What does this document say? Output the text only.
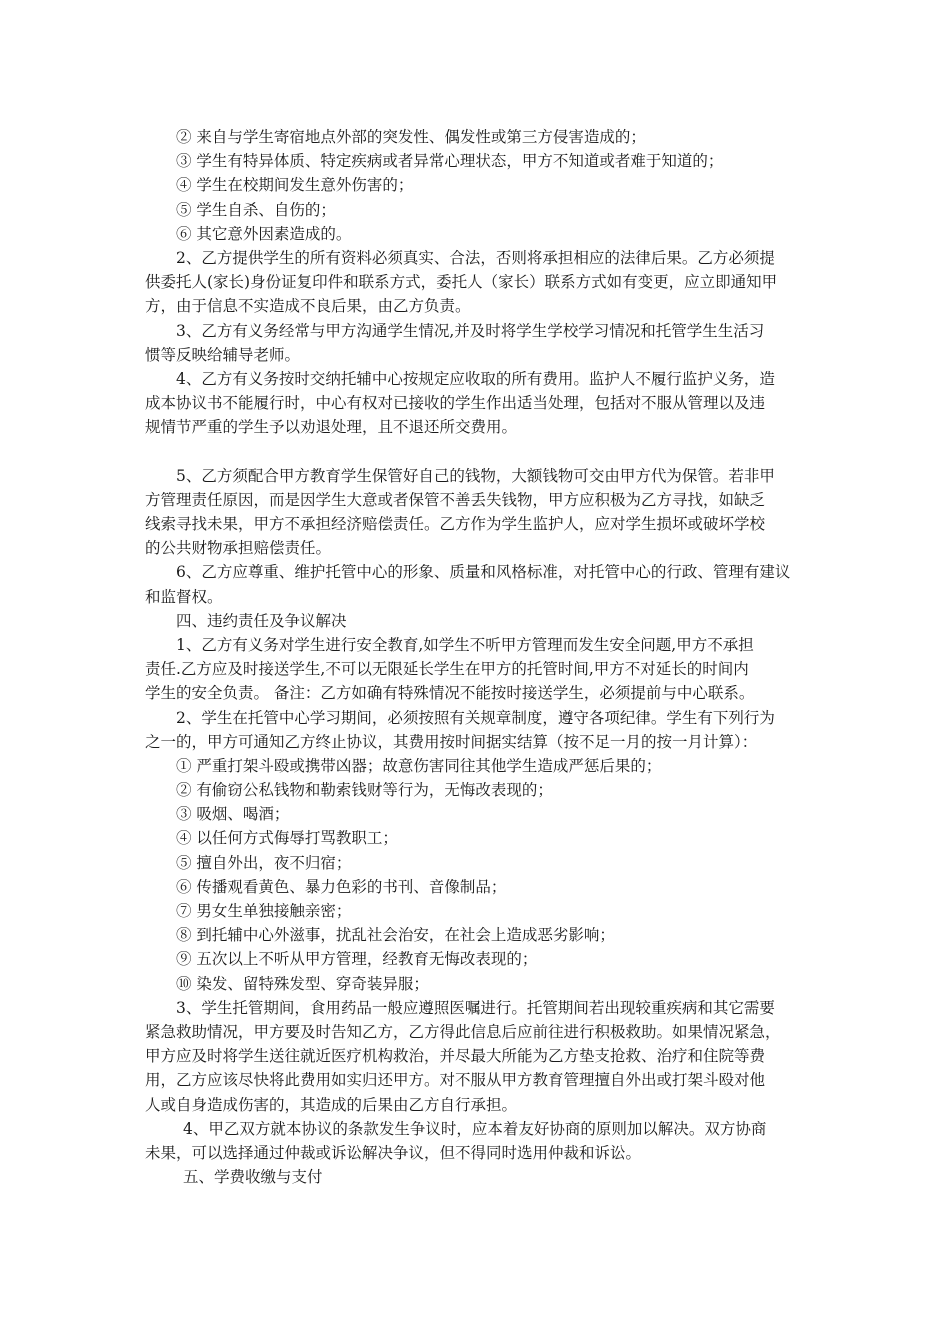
② 来自与学生寄宿地点外部的突发性、偶发性或第三方侵害造成的；
③ 学生有特异体质、特定疾病或者异常心理状态，甲方不知道或者难于知道的；
④ 学生在校期间发生意外伤害的；
⑤ 学生自杀、自伤的；
⑥ 其它意外因素造成的。
2、乙方提供学生的所有资料必须真实、合法，否则将承担相应的法律后果。乙方必须提
供委托人(家长)身份证复印件和联系方式，委托人（家长）联系方式如有变更，应立即通知甲
方，由于信息不实造成不良后果，由乙方负责。
3、乙方有义务经常与甲方沟通学生情况,并及时将学生学校学习情况和托管学生生活习
惯等反映给辅导老师。
4、乙方有义务按时交纳托辅中心按规定应收取的所有费用。监护人不履行监护义务，造
成本协议书不能履行时，中心有权对已接收的学生作出适当处理，包括对不服从管理以及违
规情节严重的学生予以劝退处理，且不退还所交费用。
5、乙方须配合甲方教育学生保管好自己的钱物，大额钱物可交由甲方代为保管。若非甲
方管理责任原因，而是因学生大意或者保管不善丢失钱物，甲方应积极为乙方寻找，如缺乏
线索寻找未果，甲方不承担经济赔偿责任。乙方作为学生监护人，应对学生损坏或破坏学校
的公共财物承担赔偿责任。
6、乙方应尊重、维护托管中心的形象、质量和风格标准，对托管中心的行政、管理有建议
和监督权。
四、违约责任及争议解决
1、乙方有义务对学生进行安全教育,如学生不听甲方管理而发生安全问题,甲方不承担
责任.乙方应及时接送学生,不可以无限延长学生在甲方的托管时间,甲方不对延长的时间内
学生的安全负责。 备注：乙方如确有特殊情况不能按时接送学生，必须提前与中心联系。
2、学生在托管中心学习期间，必须按照有关规章制度，遵守各项纪律。学生有下列行为
之一的，甲方可通知乙方终止协议，其费用按时间据实结算（按不足一月的按一月计算）：
① 严重打架斗殴或携带凶器；故意伤害同往其他学生造成严惩后果的；
② 有偷窃公私钱物和勒索钱财等行为，无悔改表现的；
③ 吸烟、喝酒；
④ 以任何方式侮辱打骂教职工；
⑤ 擅自外出，夜不归宿；
⑥ 传播观看黄色、暴力色彩的书刊、音像制品；
⑦ 男女生单独接触亲密；
⑧ 到托辅中心外滋事，扰乱社会治安，在社会上造成恶劣影响；
⑨ 五次以上不听从甲方管理，经教育无悔改表现的；
⑩ 染发、留特殊发型、穿奇装异服；
3、学生托管期间，食用药品一般应遵照医嘱进行。托管期间若出现较重疾病和其它需要
紧急救助情况，甲方要及时告知乙方，乙方得此信息后应前往进行积极救助。如果情况紧急，
甲方应及时将学生送往就近医疗机构救治，并尽最大所能为乙方垫支抢救、治疗和住院等费
用，乙方应该尽快将此费用如实归还甲方。对不服从甲方教育管理擅自外出或打架斗殴对他
人或自身造成伤害的，其造成的后果由乙方自行承担。
4、甲乙双方就本协议的条款发生争议时，应本着友好协商的原则加以解决。双方协商
未果，可以选择通过仲裁或诉讼解决争议，但不得同时选用仲裁和诉讼。
五、学费收缴与支付
